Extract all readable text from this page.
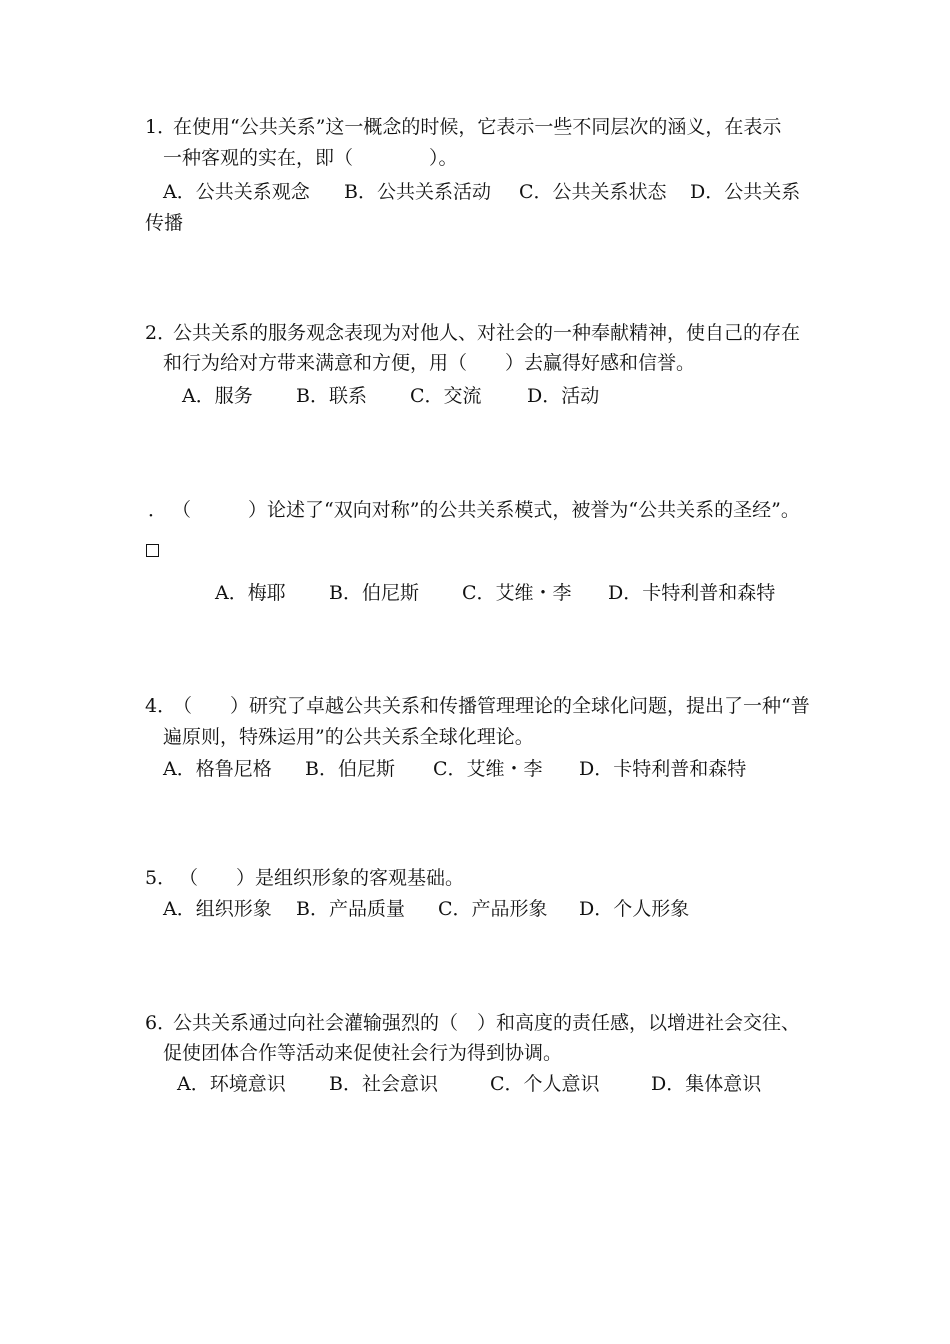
1．
在使用“公共关系”这一概念的时候，它表示一些不同层次的涵义，在表示
一种客观的实在，即（　　　　）。
A．公共关系观念 B．公共关系活动 C．公共关系状态 D．公共关系
传播
2．
公共关系的服务观念表现为对他人、对社会的一种奉献精神，使自己的存在
和行为给对方带来满意和方便，用（　　）去赢得好感和信誉。
A．服务 B．联系 C．交流 D．活动
． （　　　）论述了“双向对称”的公共关系模式，被誉为“公共关系的圣经”。
A．梅耶 B．伯尼斯 C．艾维・李 D．卡特利普和森特
4．
（　　）研究了卓越公共关系和传播管理理论的全球化问题，提出了一种“普
遍原则，特殊运用”的公共关系全球化理论。
A．格鲁尼格 B．伯尼斯 C．艾维・李 D．卡特利普和森特
5． （　　）是组织形象的客观基础。
A．组织形象 B．产品质量 C．产品形象 D．个人形象
6．
公共关系通过向社会灌输强烈的（　）和高度的责任感，以增进社会交往、
促使团体合作等活动来促使社会行为得到协调。
A．环境意识 B．社会意识	C．个人意识	D．集体意识
